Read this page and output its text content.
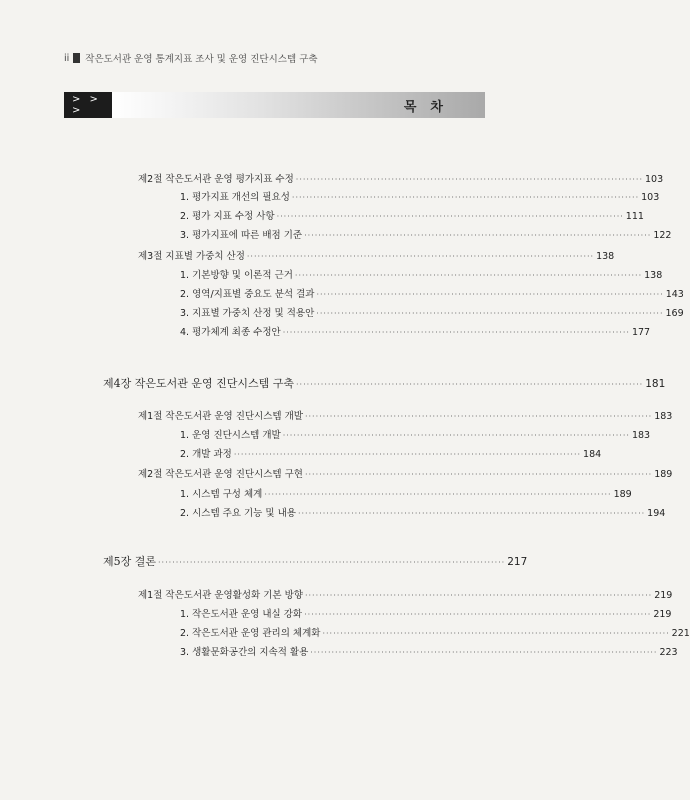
ii 작은도서관 운영 통계지표 조사 및 운영 진단시스템 구축
> > >	목차
제2절 작은도서관 운영 평가지표 수정 ·································································································· 103
1. 평가지표 개선의 필요성 ·································································································· 103
2. 평가 지표 수정 사항 ·································································································· 111
3. 평가지표에 따른 배점 기준 ·································································································· 122
제3절 지표별 가중치 산정 ·································································································· 138
1. 기본방향 및 이론적 근거 ·································································································· 138
2. 영역/지표별 중요도 분석 결과 ·································································································· 143
3. 지표별 가중치 산정 및 적용안 ·································································································· 169
4. 평가체계 최종 수정안 ·································································································· 177
제4장 작은도서관 운영 진단시스템 구축 ·································································································· 181
제1절 작은도서관 운영 진단시스템 개발 ·································································································· 183
1. 운영 진단시스템 개발 ·································································································· 183
2. 개발 과정 ·································································································· 184
제2절 작은도서관 운영 진단시스템 구현 ·································································································· 189
1. 시스템 구성 체계 ·································································································· 189
2. 시스템 주요 기능 및 내용 ·································································································· 194
제5장 결론 ·································································································· 217
제1절 작은도서관 운영활성화 기본 방향 ·································································································· 219
1. 작은도서관 운영 내실 강화 ·································································································· 219
2. 작은도서관 운영 관리의 체계화 ·································································································· 221
3. 생활문화공간의 지속적 활용 ·································································································· 223
